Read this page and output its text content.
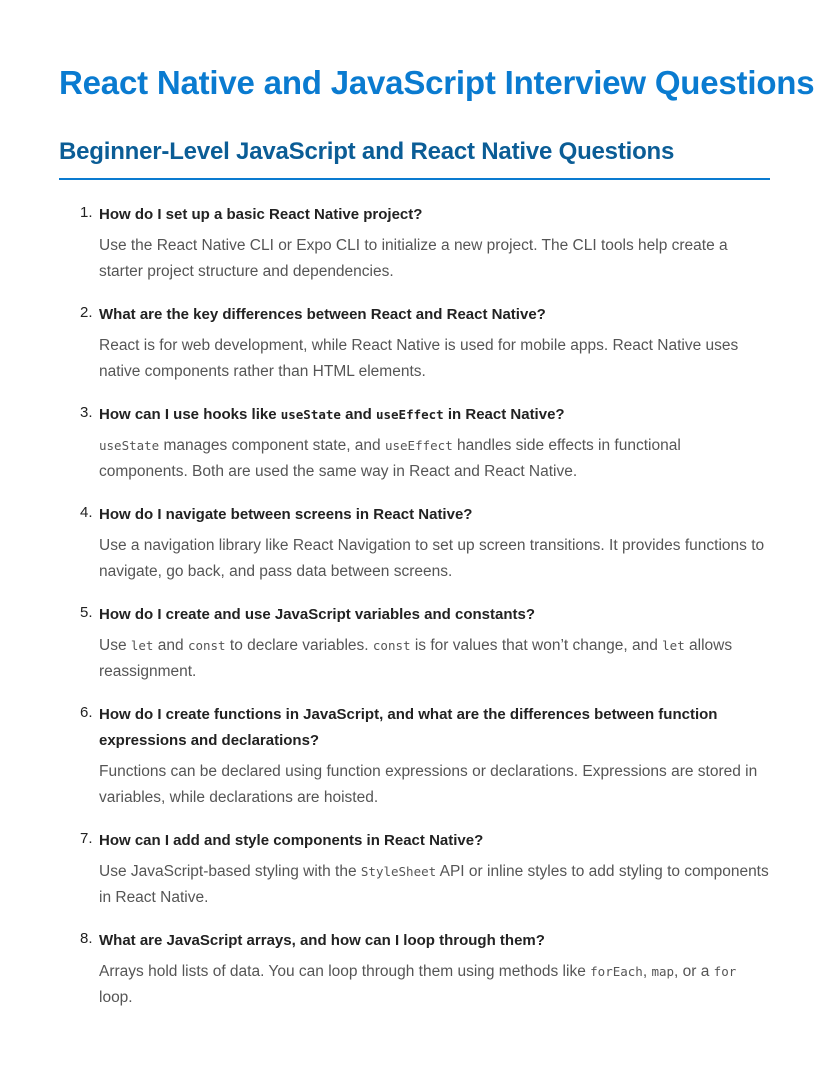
React Native and JavaScript Interview Questions
Beginner-Level JavaScript and React Native Questions
1. How do I set up a basic React Native project?

Use the React Native CLI or Expo CLI to initialize a new project. The CLI tools help create a starter project structure and dependencies.

2. What are the key differences between React and React Native?

React is for web development, while React Native is used for mobile apps. React Native uses native components rather than HTML elements.

3. How can I use hooks like useState and useEffect in React Native?

useState manages component state, and useEffect handles side effects in functional components. Both are used the same way in React and React Native.

4. How do I navigate between screens in React Native?

Use a navigation library like React Navigation to set up screen transitions. It provides functions to navigate, go back, and pass data between screens.

5. How do I create and use JavaScript variables and constants?

Use let and const to declare variables. const is for values that won’t change, and let allows reassignment.

6. How do I create functions in JavaScript, and what are the differences between function expressions and declarations?

Functions can be declared using function expressions or declarations. Expressions are stored in variables, while declarations are hoisted.

7. How can I add and style components in React Native?

Use JavaScript-based styling with the StyleSheet API or inline styles to add styling to components in React Native.

8. What are JavaScript arrays, and how can I loop through them?

Arrays hold lists of data. You can loop through them using methods like forEach, map, or a for loop.
